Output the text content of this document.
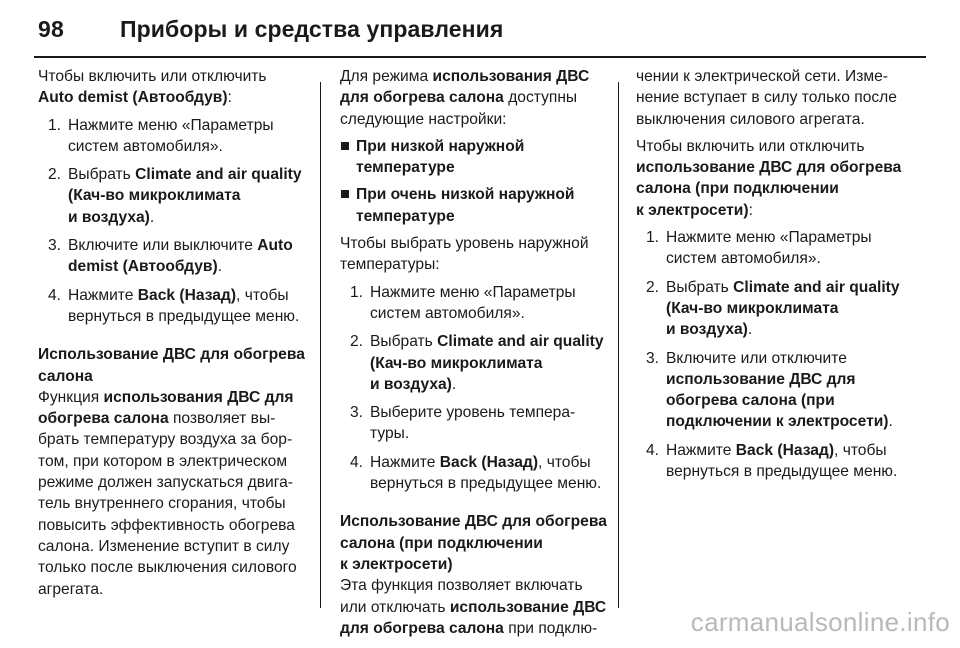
98 Приборы и средства управления
Чтобы включить или отключить
Auto demist (Автообдув):
1. Нажмите меню «Параметры
систем автомобиля».
2. Выбрать Climate and air quality
(Кач-во микроклимата
и воздуха).
3. Включите или выключите Auto
demist (Автообдув).
4. Нажмите Back (Назад), чтобы
вернуться в предыдущее меню.
Использование ДВС для обогрева
салона
Функция использования ДВС для
обогрева салона позволяет вы-
брать температуру воздуха за бор-
том, при котором в электрическом
режиме должен запускаться двига-
тель внутреннего сгорания, чтобы
повысить эффективность обогрева
салона. Изменение вступит в силу
только после выключения силового
агрегата.
Для режима использования ДВС
для обогрева салона доступны
следующие настройки:
При низкой наружной
температуре
При очень низкой наружной
температуре
Чтобы выбрать уровень наружной
температуры:
1. Нажмите меню «Параметры
систем автомобиля».
2. Выбрать Climate and air quality
(Кач-во микроклимата
и воздуха).
3. Выберите уровень темпера-
туры.
4. Нажмите Back (Назад), чтобы
вернуться в предыдущее меню.
Использование ДВС для обогрева
салона (при подключении
к электросети)
Эта функция позволяет включать
или отключать использование ДВС
для обогрева салона при подклю-
чении к электрической сети. Изме-
нение вступает в силу только после
выключения силового агрегата.
Чтобы включить или отключить
использование ДВС для обогрева
салона (при подключении
к электросети):
1. Нажмите меню «Параметры
систем автомобиля».
2. Выбрать Climate and air quality
(Кач-во микроклимата
и воздуха).
3. Включите или отключите
использование ДВС для
обогрева салона (при
подключении к электросети).
4. Нажмите Back (Назад), чтобы
вернуться в предыдущее меню.
carmanualsonline.info
